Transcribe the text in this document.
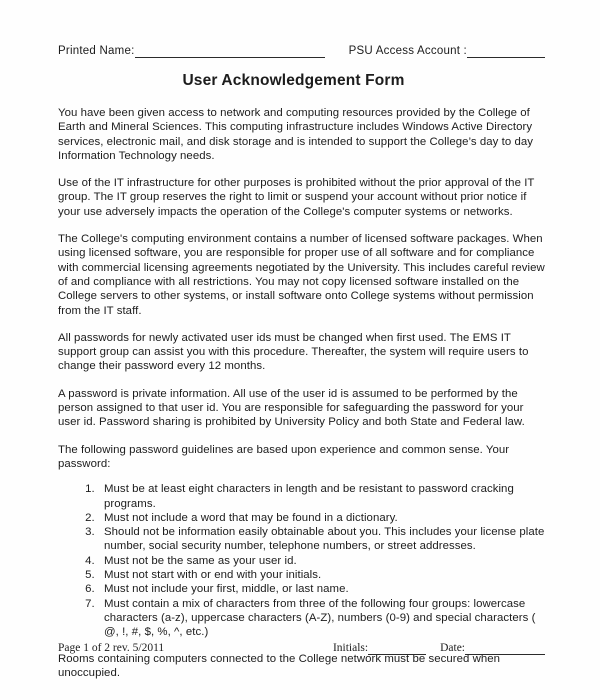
Printed Name:	PSU Access Account :
User Acknowledgement Form

You have been given access to network and computing resources provided by the College of Earth and Mineral Sciences. This computing infrastructure includes Windows Active Directory services, electronic mail, and disk storage and is intended to support the College’s day to day Information Technology needs.

Use of the IT infrastructure for other purposes is prohibited without the prior approval of the IT group. The IT group reserves the right to limit or suspend your account without prior notice if your use adversely impacts the operation of the College's computer systems or networks.

The College's computing environment contains a number of licensed software packages. When using licensed software, you are responsible for proper use of all software and for compliance with commercial licensing agreements negotiated by the University. This includes careful review of and compliance with all restrictions. You may not copy licensed software installed on the College servers to other systems, or install software onto College systems without permission from the IT staff.

All passwords for newly activated user ids must be changed when first used. The EMS IT support group can assist you with this procedure. Thereafter, the system will require users to change their password every 12 months.

A password is private information. All use of the user id is assumed to be performed by the person assigned to that user id. You are responsible for safeguarding the password for your user id. Password sharing is prohibited by University Policy and both State and Federal law.

The following password guidelines are based upon experience and common sense. Your password:

1. Must be at least eight characters in length and be resistant to password cracking programs.
2. Must not include a word that may be found in a dictionary.
3. Should not be information easily obtainable about you. This includes your license plate number, social security number, telephone numbers, or street addresses.
4. Must not be the same as your user id.
5. Must not start with or end with your initials.
6. Must not include your first, middle, or last name.
7. Must contain a mix of characters from three of the following four groups: lowercase characters (a-z), uppercase characters (A-Z), numbers (0-9) and special characters ( @, !, #, $, %, ^, etc.)

Rooms containing computers connected to the College network must be secured when unoccupied.

Page 1 of 2 rev. 5/2011	Initials:	Date:
